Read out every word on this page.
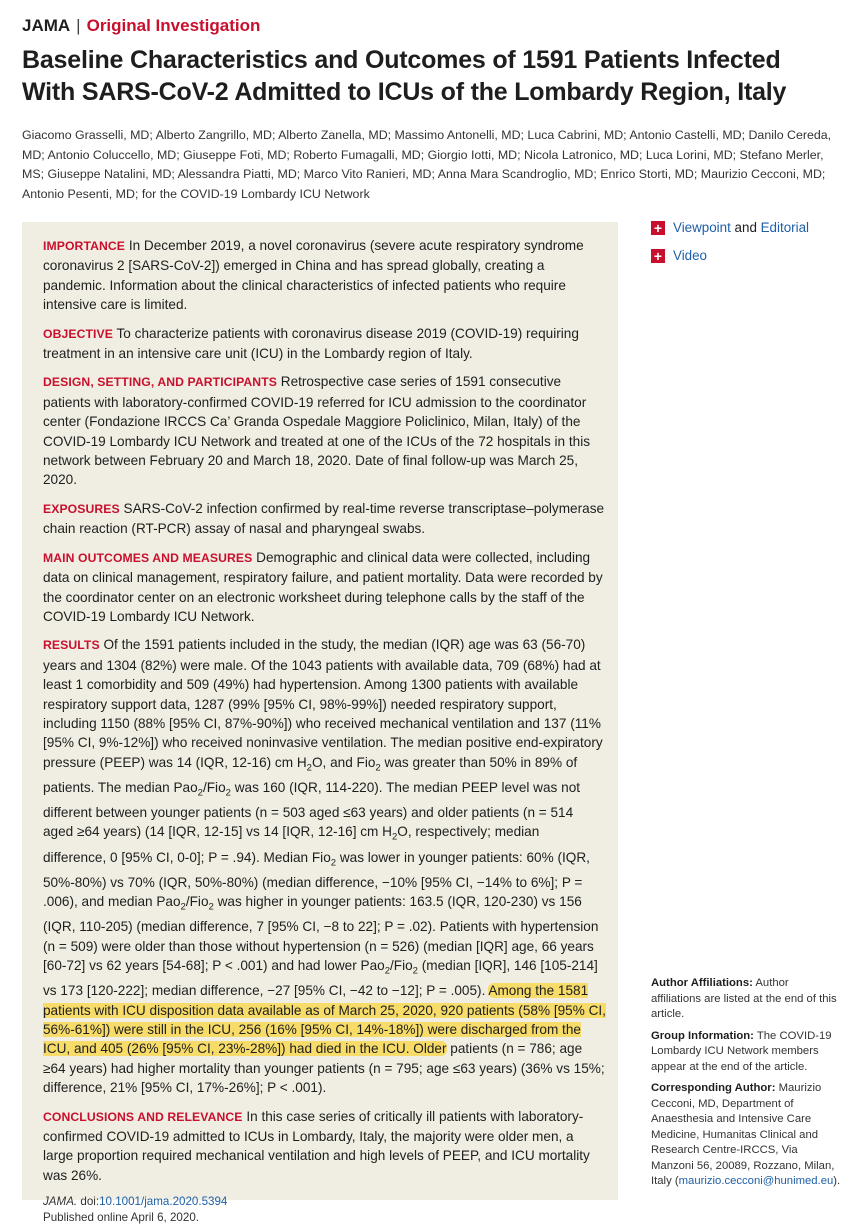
JAMA | Original Investigation
Baseline Characteristics and Outcomes of 1591 Patients Infected With SARS-CoV-2 Admitted to ICUs of the Lombardy Region, Italy
Giacomo Grasselli, MD; Alberto Zangrillo, MD; Alberto Zanella, MD; Massimo Antonelli, MD; Luca Cabrini, MD; Antonio Castelli, MD; Danilo Cereda, MD; Antonio Coluccello, MD; Giuseppe Foti, MD; Roberto Fumagalli, MD; Giorgio Iotti, MD; Nicola Latronico, MD; Luca Lorini, MD; Stefano Merler, MS; Giuseppe Natalini, MD; Alessandra Piatti, MD; Marco Vito Ranieri, MD; Anna Mara Scandroglio, MD; Enrico Storti, MD; Maurizio Cecconi, MD; Antonio Pesenti, MD; for the COVID-19 Lombardy ICU Network
IMPORTANCE In December 2019, a novel coronavirus (severe acute respiratory syndrome coronavirus 2 [SARS-CoV-2]) emerged in China and has spread globally, creating a pandemic. Information about the clinical characteristics of infected patients who require intensive care is limited.
OBJECTIVE To characterize patients with coronavirus disease 2019 (COVID-19) requiring treatment in an intensive care unit (ICU) in the Lombardy region of Italy.
DESIGN, SETTING, AND PARTICIPANTS Retrospective case series of 1591 consecutive patients with laboratory-confirmed COVID-19 referred for ICU admission to the coordinator center (Fondazione IRCCS Ca’ Granda Ospedale Maggiore Policlinico, Milan, Italy) of the COVID-19 Lombardy ICU Network and treated at one of the ICUs of the 72 hospitals in this network between February 20 and March 18, 2020. Date of final follow-up was March 25, 2020.
EXPOSURES SARS-CoV-2 infection confirmed by real-time reverse transcriptase–polymerase chain reaction (RT-PCR) assay of nasal and pharyngeal swabs.
MAIN OUTCOMES AND MEASURES Demographic and clinical data were collected, including data on clinical management, respiratory failure, and patient mortality. Data were recorded by the coordinator center on an electronic worksheet during telephone calls by the staff of the COVID-19 Lombardy ICU Network.
RESULTS Of the 1591 patients included in the study, the median (IQR) age was 63 (56-70) years and 1304 (82%) were male. Of the 1043 patients with available data, 709 (68%) had at least 1 comorbidity and 509 (49%) had hypertension. Among 1300 patients with available respiratory support data, 1287 (99% [95% CI, 98%-99%]) needed respiratory support, including 1150 (88% [95% CI, 87%-90%]) who received mechanical ventilation and 137 (11% [95% CI, 9%-12%]) who received noninvasive ventilation. The median positive end-expiratory pressure (PEEP) was 14 (IQR, 12-16) cm $H_2O$, and Fio$_2$ was greater than 50% in 89% of patients. The median Pao$_2$/Fio$_2$ was 160 (IQR, 114-220). The median PEEP level was not different between younger patients (n = 503 aged ≤63 years) and older patients (n = 514 aged ≥64 years) (14 [IQR, 12-15] vs 14 [IQR, 12-16] cm $H_2O$, respectively; median difference, 0 [95% CI, 0-0]; P = .94). Median Fio$_2$ was lower in younger patients: 60% (IQR, 50%-80%) vs 70% (IQR, 50%-80%) (median difference, −10% [95% CI, −14% to 6%]; P = .006), and median Pao$_2$/Fio$_2$ was higher in younger patients: 163.5 (IQR, 120-230) vs 156 (IQR, 110-205) (median difference, 7 [95% CI, −8 to 22]; P = .02). Patients with hypertension (n = 509) were older than those without hypertension (n = 526) (median [IQR] age, 66 years [60-72] vs 62 years [54-68]; P < .001) and had lower Pao$_2$/Fio$_2$ (median [IQR], 146 [105-214] vs 173 [120-222]; median difference, −27 [95% CI, −42 to −12]; P = .005). Among the 1581 patients with ICU disposition data available as of March 25, 2020, 920 patients (58% [95% CI, 56%-61%]) were still in the ICU, 256 (16% [95% CI, 14%-18%]) were discharged from the ICU, and 405 (26% [95% CI, 23%-28%]) had died in the ICU. Older patients (n = 786; age ≥64 years) had higher mortality than younger patients (n = 795; age ≤63 years) (36% vs 15%; difference, 21% [95% CI, 17%-26%]; P < .001).
CONCLUSIONS AND RELEVANCE In this case series of critically ill patients with laboratory-confirmed COVID-19 admitted to ICUs in Lombardy, Italy, the majority were older men, a large proportion required mechanical ventilation and high levels of PEEP, and ICU mortality was 26%.
JAMA. doi:10.1001/jama.2020.5394
Published online April 6, 2020.
+ Viewpoint and Editorial
+ Video

Author Affiliations: Author affiliations are listed at the end of this article.

Group Information: The COVID-19 Lombardy ICU Network members appear at the end of the article.

Corresponding Author: Maurizio Cecconi, MD, Department of Anaesthesia and Intensive Care Medicine, Humanitas Clinical and Research Centre-IRCCS, Via Manzoni 56, 20089, Rozzano, Milan, Italy (maurizio.cecconi@hunimed.eu).
